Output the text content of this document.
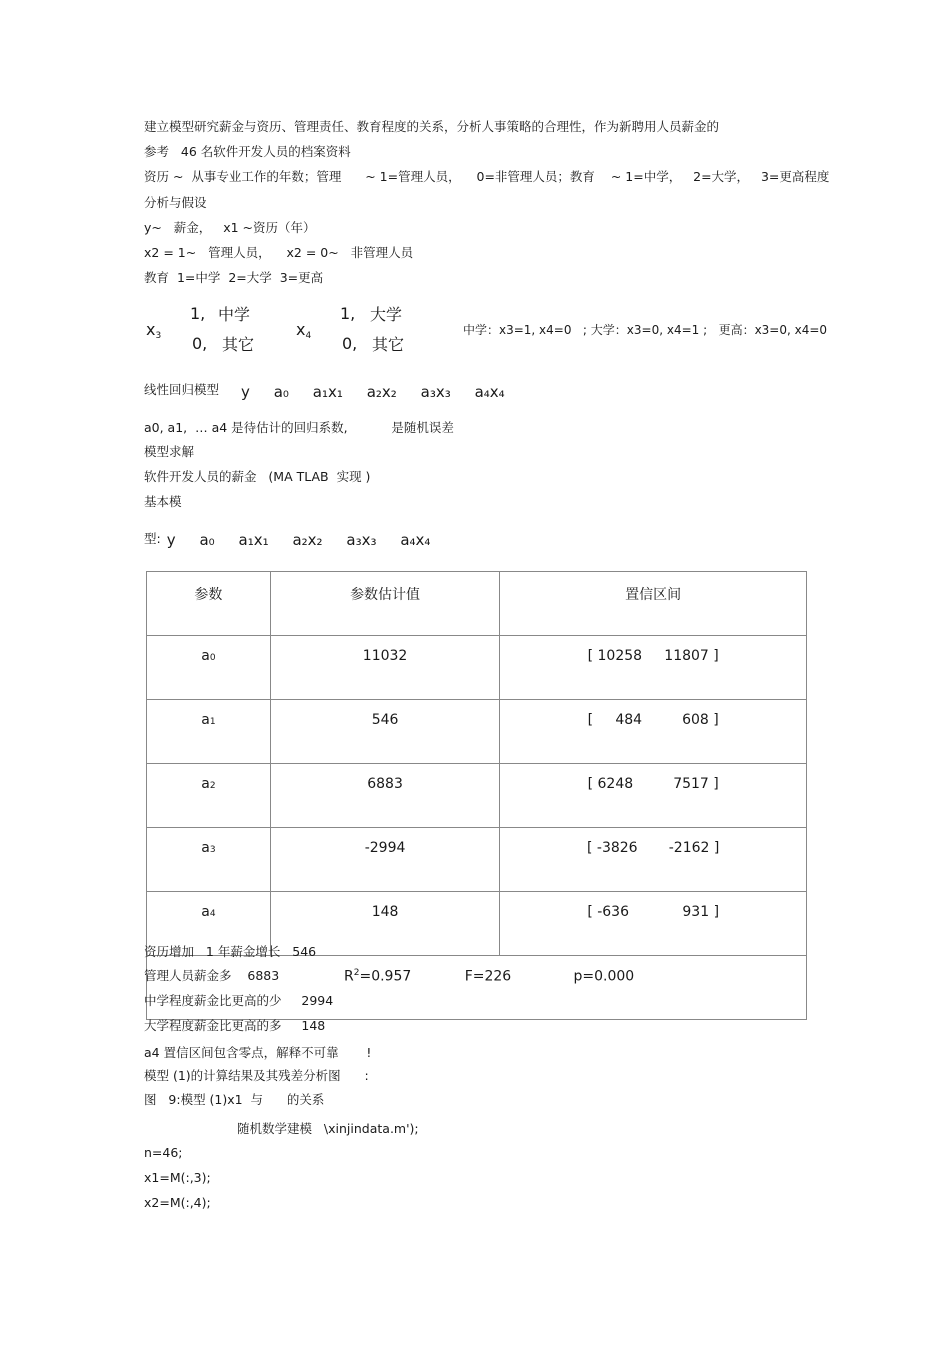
建立模型研究薪金与资历、管理责任、教育程度的关系，分析人事策略的合理性，作为新聘用人员薪金的
参考   46 名软件开发人员的档案资料
资历 ~  从事专业工作的年数；管理      ~ 1=管理人员，    0=非管理人员；教育    ~ 1=中学，   2=大学，   3=更高程度
分析与假设
y~   薪金，   x1 ~资历（年）
x2 = 1~   管理人员，    x2 = 0~   非管理人员
教育  1=中学  2=大学  3=更高
$x_3$
1, 中学
0, 其它
$x_4$
1, 大学
0, 其它
中学：x3=1, x4=0   ; 大学：x3=0, x4=1 ;   更高：x3=0, x4=0
线性回归模型 y     a₀     a₁x₁     a₂x₂     a₃x₃     a₄x₄
a0, a1,  … a4 是待估计的回归系数,           是随机误差
模型求解
软件开发人员的薪金   (MA TLAB  实现 )
基本模
型: y     a₀     a₁x₁     a₂x₂     a₃x₃     a₄x₄
参数	参数估计值	置信区间
a0	11032	[ 10258     11807 ]
a1	546	[     484         608 ]
a2	6883	[ 6248         7517 ]
a3	-2994	[ -3826       -2162 ]
a4	148	[ -636            931 ]
$R^2=0.957$ F=226 p=0.000		
资历增加   1 年薪金增长   546
管理人员薪金多    6883
中学程度薪金比更高的少     2994
大学程度薪金比更高的多     148
a4 置信区间包含零点，解释不可靠       !
模型 (1)的计算结果及其残差分析图      :
图   9:模型 (1)x1  与      的关系
随机数学建模   \xinjindata.m');
n=46;
x1=M(:,3);
x2=M(:,4);
